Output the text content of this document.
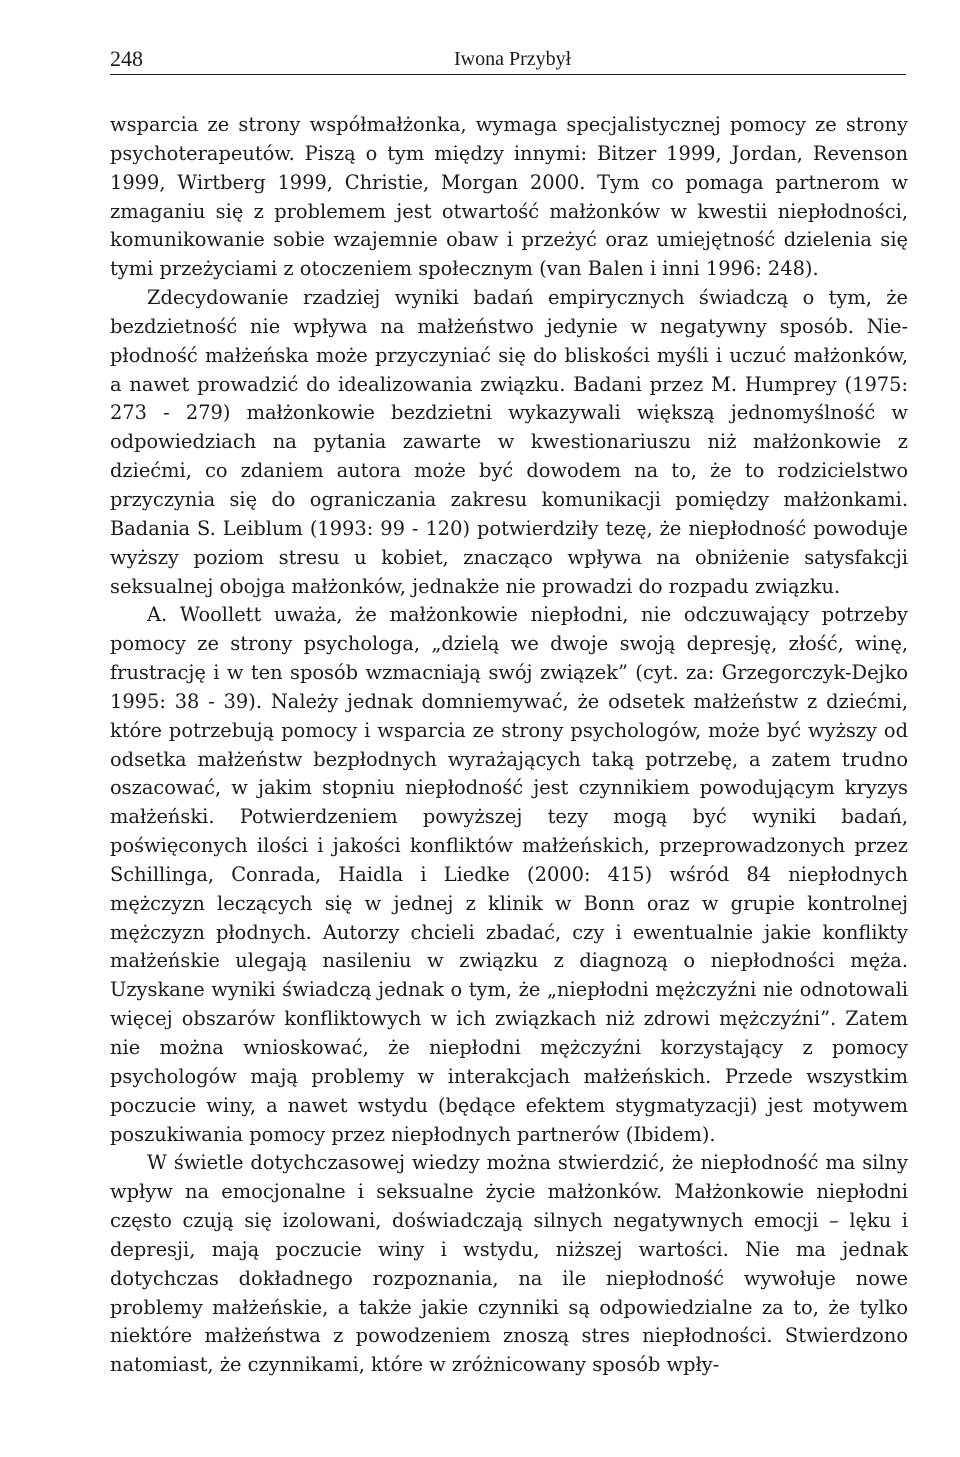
248	Iwona Przybył

wsparcia ze strony współmałżonka, wymaga specjalistycznej pomocy ze strony psychoterapeutów. Piszą o tym między innymi: Bitzer 1999, Jordan, Revenson 1999, Wirtberg 1999, Christie, Morgan 2000. Tym co pomaga partnerom w zmaganiu się z problemem jest otwartość małżonków w kwestii niepłodności, komunikowanie sobie wzajemnie obaw i przeżyć oraz umiejętność dzielenia się tymi przeżyciami z otoczeniem społecznym (van Balen i inni 1996: 248).

Zdecydowanie rzadziej wyniki badań empirycznych świadczą o tym, że bezdzietność nie wpływa na małżeństwo jedynie w negatywny sposób. Niepłodność małżeńska może przyczyniać się do bliskości myśli i uczuć małżonków, a nawet prowadzić do idealizowania związku. Badani przez M. Humprey (1975: 273 - 279) małżonkowie bezdzietni wykazywali większą jednomyślność w odpowiedziach na pytania zawarte w kwestionariuszu niż małżonkowie z dziećmi, co zdaniem autora może być dowodem na to, że to rodzicielstwo przyczynia się do ograniczania zakresu komunikacji pomiędzy małżonkami. Badania S. Leiblum (1993: 99 - 120) potwierdziły tezę, że niepłodność powoduje wyższy poziom stresu u kobiet, znacząco wpływa na obniżenie satysfakcji seksualnej obojga małżonków, jednakże nie prowadzi do rozpadu związku.

A. Woollett uważa, że małżonkowie niepłodni, nie odczuwający potrzeby pomocy ze strony psychologa, „dzielą we dwoje swoją depresję, złość, winę, frustrację i w ten sposób wzmacniają swój związek” (cyt. za: Grzegorczyk-Dejko 1995: 38 - 39). Należy jednak domniemywać, że odsetek małżeństw z dziećmi, które potrzebują pomocy i wsparcia ze strony psychologów, może być wyższy od odsetka małżeństw bezpłodnych wyrażających taką potrzebę, a zatem trudno oszacować, w jakim stopniu niepłodność jest czynnikiem powodującym kryzys małżeński. Potwierdzeniem powyższej tezy mogą być wyniki badań, poświęconych ilości i jakości konfliktów małżeńskich, przeprowadzonych przez Schillinga, Conrada, Haidla i Liedke (2000: 415) wśród 84 niepłodnych mężczyzn leczących się w jednej z klinik w Bonn oraz w grupie kontrolnej mężczyzn płodnych. Autorzy chcieli zbadać, czy i ewentualnie jakie konflikty małżeńskie ulegają nasileniu w związku z diagnozą o niepłodności męża. Uzyskane wyniki świadczą jednak o tym, że „niepłodni mężczyźni nie odnotowali więcej obszarów konfliktowych w ich związkach niż zdrowi mężczyźni”. Zatem nie można wnioskować, że niepłodni mężczyźni korzystający z pomocy psychologów mają problemy w interakcjach małżeńskich. Przede wszystkim poczucie winy, a nawet wstydu (będące efektem stygmatyzacji) jest motywem poszukiwania pomocy przez niepłodnych partnerów (Ibidem).

W świetle dotychczasowej wiedzy można stwierdzić, że niepłodność ma silny wpływ na emocjonalne i seksualne życie małżonków. Małżonkowie niepłodni często czują się izolowani, doświadczają silnych negatywnych emocji – lęku i depresji, mają poczucie winy i wstydu, niższej wartości. Nie ma jednak dotychczas dokładnego rozpoznania, na ile niepłodność wywołuje nowe problemy małżeńskie, a także jakie czynniki są odpowiedzialne za to, że tylko niektóre małżeństwa z powodzeniem znoszą stres niepłodności. Stwierdzono natomiast, że czynnikami, które w zróżnicowany sposób wpły-
